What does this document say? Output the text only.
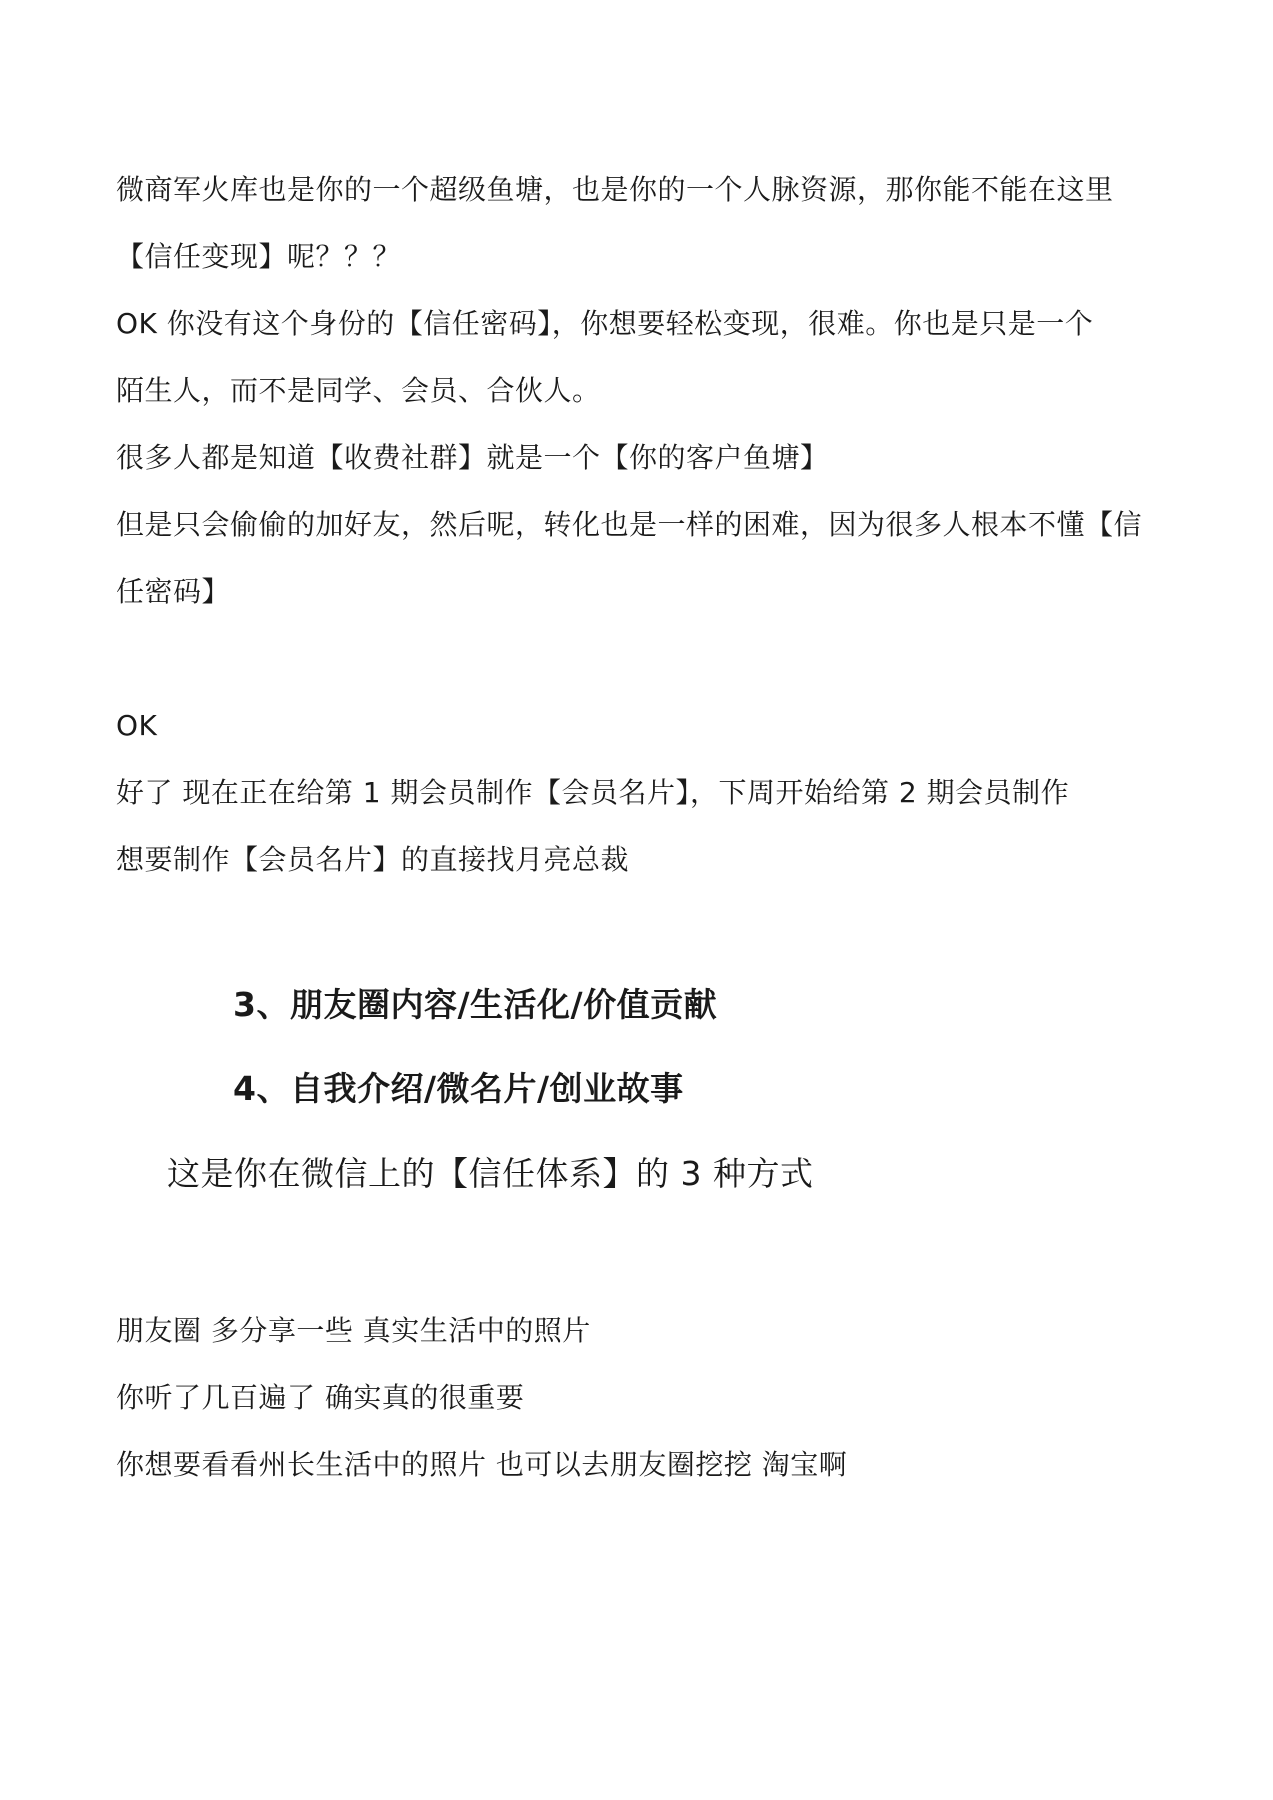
微商军火库也是你的一个超级鱼塘，也是你的一个人脉资源，那你能不能在这里
【信任变现】呢？？？
OK 你没有这个身份的【信任密码】，你想要轻松变现，很难。你也是只是一个
陌生人，而不是同学、会员、合伙人。
很多人都是知道【收费社群】就是一个【你的客户鱼塘】
但是只会偷偷的加好友，然后呢，转化也是一样的困难，因为很多人根本不懂【信
任密码】
OK
好了 现在正在给第 1 期会员制作【会员名片】，下周开始给第 2 期会员制作
想要制作【会员名片】的直接找月亮总裁
3、朋友圈内容/生活化/价值贡献
4、自我介绍/微名片/创业故事
这是你在微信上的【信任体系】的 3 种方式
朋友圈 多分享一些 真实生活中的照片
你听了几百遍了 确实真的很重要
你想要看看州长生活中的照片 也可以去朋友圈挖挖 淘宝啊
